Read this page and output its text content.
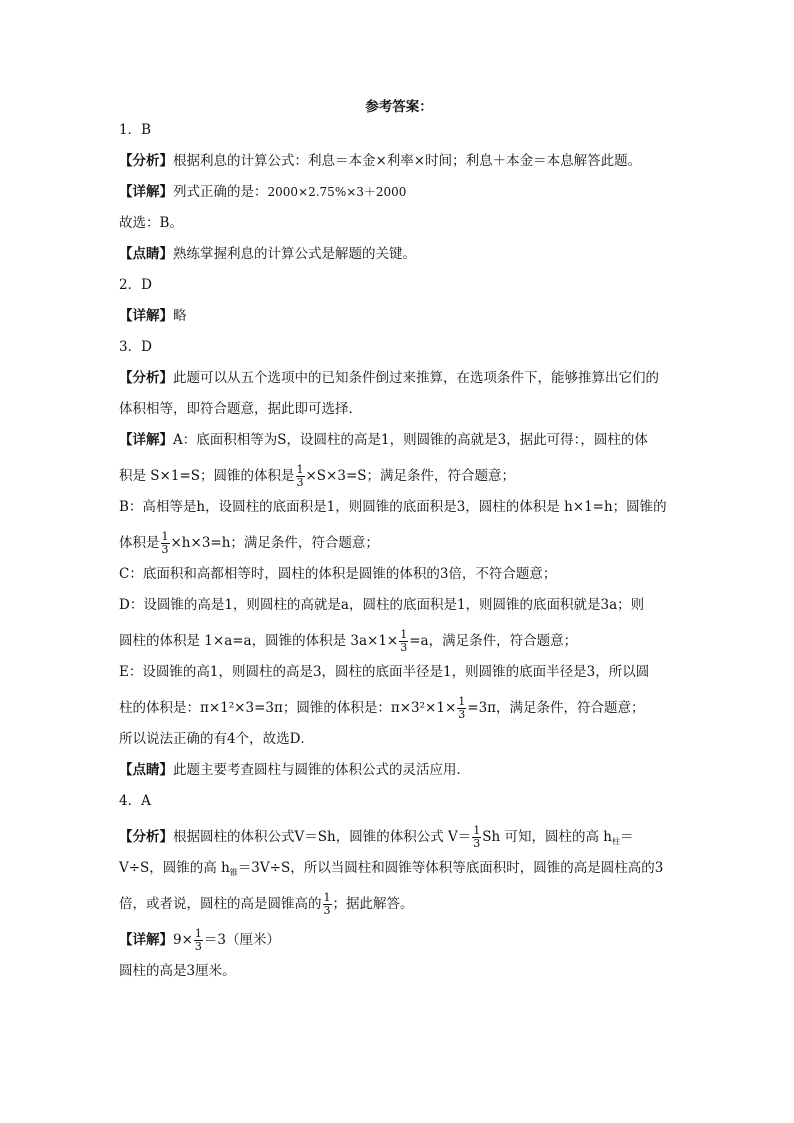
参考答案：
1．B
【分析】根据利息的计算公式：利息＝本金×利率×时间；利息＋本金＝本息解答此题。
【详解】列式正确的是：2000×2.75%×3＋2000
故选：B。
【点睛】熟练掌握利息的计算公式是解题的关键。
2．D
【详解】略
3．D
【分析】此题可以从五个选项中的已知条件倒过来推算，在选项条件下，能够推算出它们的
体积相等，即符合题意，据此即可选择．
【详解】A：底面积相等为S，设圆柱的高是1，则圆锥的高就是3，据此可得：，圆柱的体
积是 S×1=S；圆锥的体积是 $\frac{1}{3} \times S\times 3=S$；满足条件，符合题意；
B：高相等是h，设圆柱的底面积是1，则圆锥的底面积是3，圆柱的体积是 h×1=h；圆锥的
体积是 $\frac{1}{3} \times h\times 3=h$；满足条件，符合题意；
C：底面积和高都相等时，圆柱的体积是圆锥的体积的3倍，不符合题意；
D：设圆锥的高是1，则圆柱的高就是a，圆柱的底面积是1，则圆锥的底面积就是3a；则
圆柱的体积是 1×a=a，圆锥的体积是 $3a\times 1\times \frac{1}{3} =a$，满足条件，符合题意；
E：设圆锥的高1，则圆柱的高是3，圆柱的底面半径是1，则圆锥的底面半径是3，所以圆
柱的体积是：π×1²×3=3π；圆锥的体积是：$\pi\times 3^2\times 1\times \frac{1}{3} =3\pi$，满足条件，符合题意；
所以说法正确的有4个，故选D．
【点睛】此题主要考查圆柱与圆锥的体积公式的灵活应用．
4．A
【分析】根据圆柱的体积公式V＝Sh，圆锥的体积公式 $V= \frac{1}{3}$ Sh 可知，圆柱的高 $h_柱=$
V÷S，圆锥的高 $h_锥=3V\div S$，所以当圆柱和圆锥等体积等底面积时，圆锥的高是圆柱高的3
倍，或者说，圆柱的高是圆锥高的 $\frac{1}{3}$ ；据此解答。
【详解】$9\times \frac{1}{3} =3$（厘米）
圆柱的高是3厘米。
